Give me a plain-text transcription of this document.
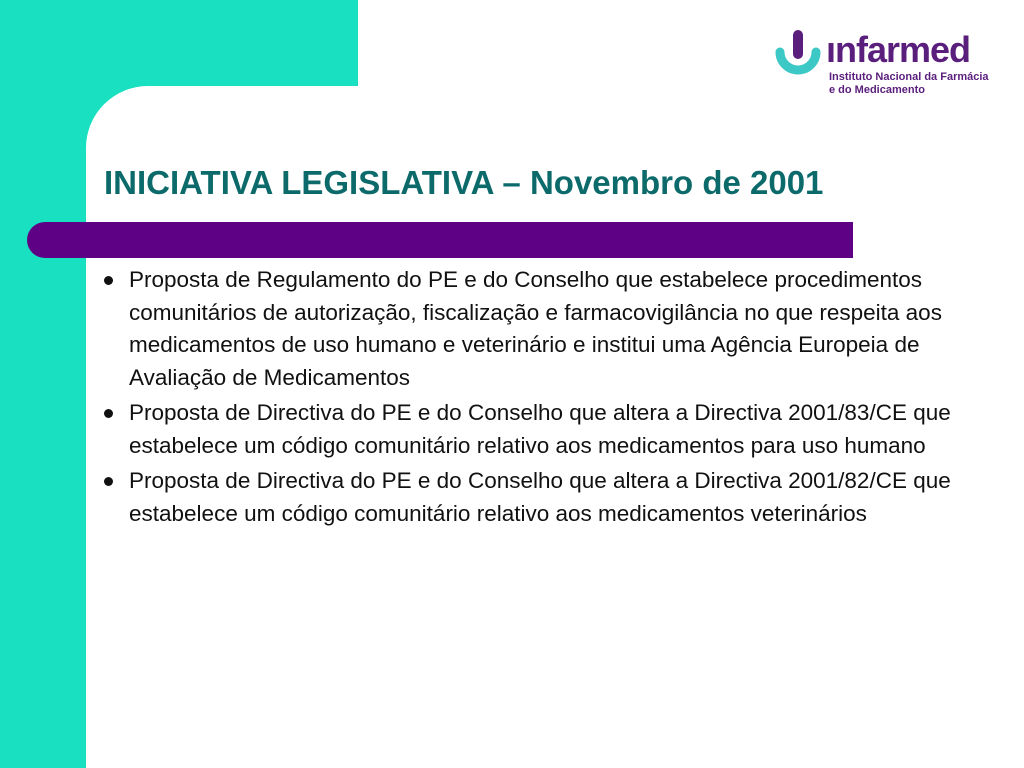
ınfarmed
Instituto Nacional da Farmácia
e do Medicamento
INICIATIVA LEGISLATIVA – Novembro de 2001
Proposta de Regulamento do PE e do Conselho que estabelece procedimentos comunitários de autorização, fiscalização e farmacovigilância no que respeita aos medicamentos de uso humano e veterinário e institui uma Agência Europeia de Avaliação de Medicamentos
Proposta de Directiva do PE e do Conselho que altera a Directiva 2001/83/CE que estabelece um código comunitário relativo aos medicamentos para uso humano
Proposta de Directiva do PE e do Conselho que altera a Directiva 2001/82/CE que estabelece um código comunitário relativo aos medicamentos veterinários
